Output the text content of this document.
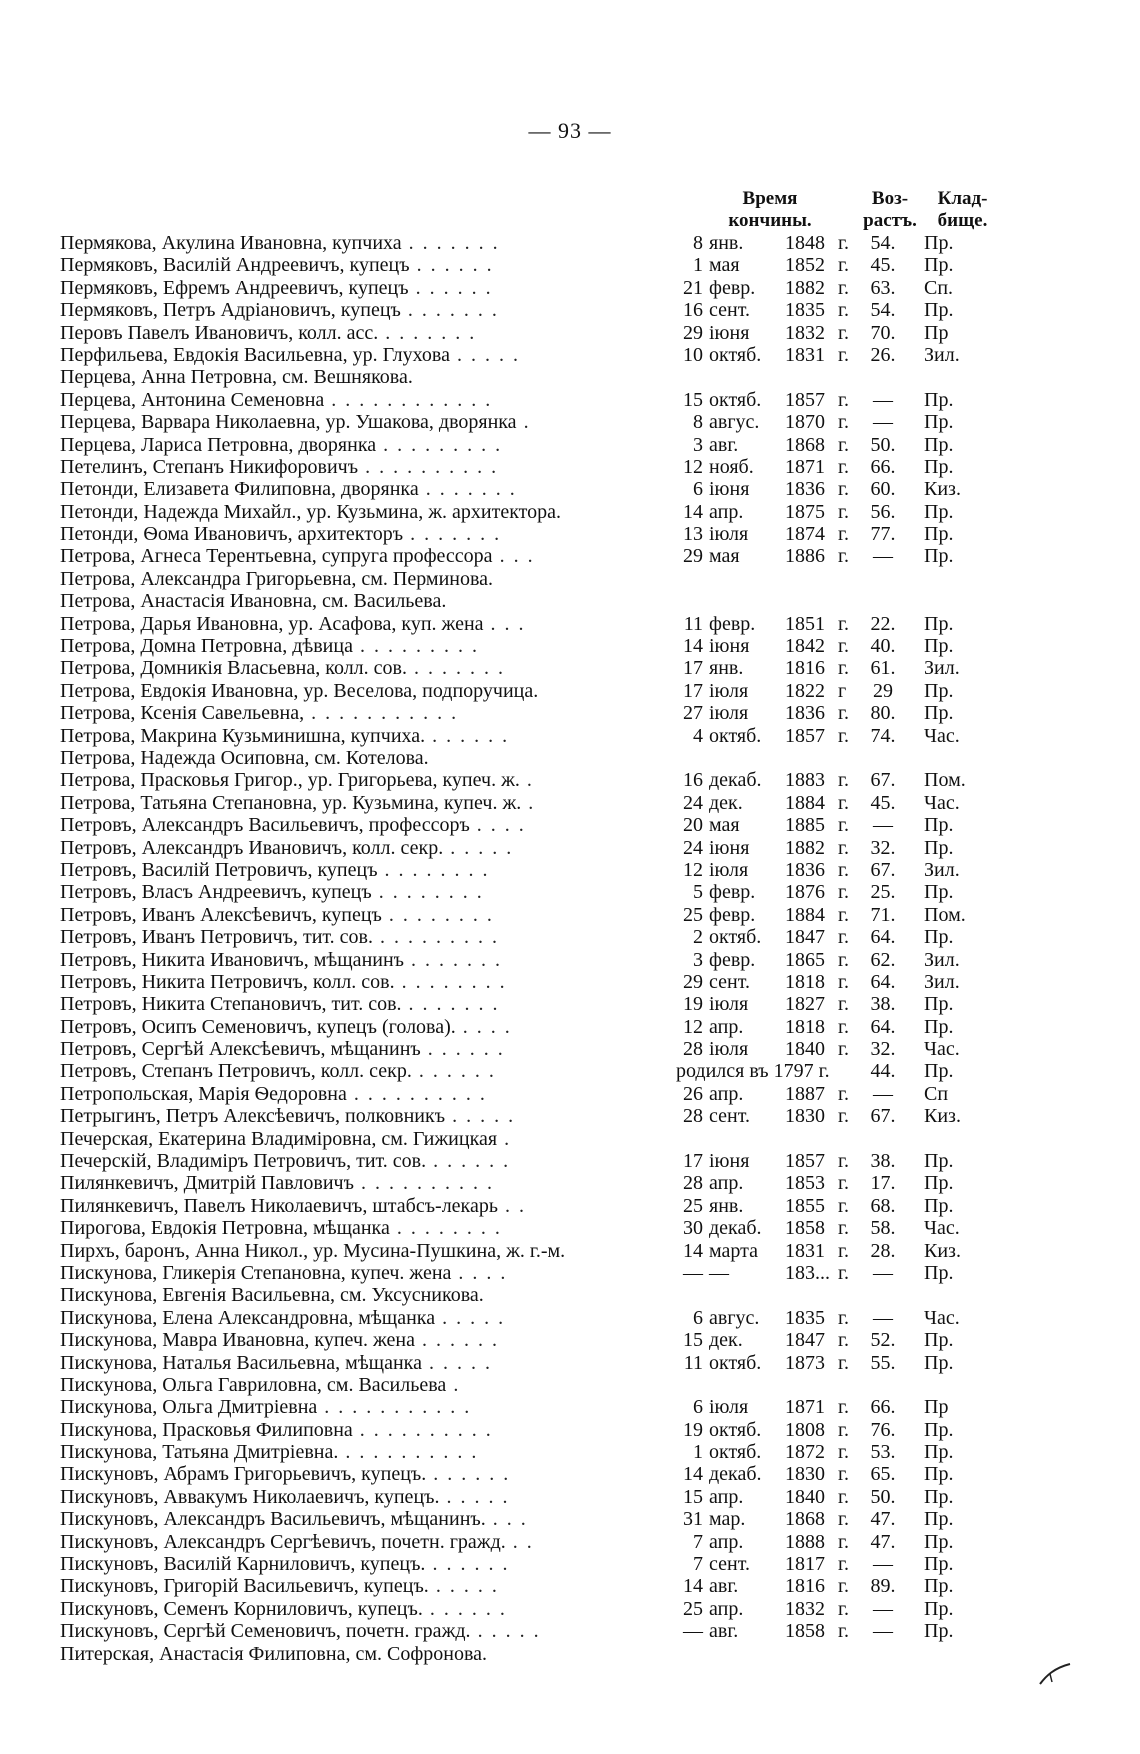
— 93 —
Время
кончины.
Воз-
растъ.
Клад-
бище.
Пермякова, Акулина Ивановна, купчиха . . . . . . .	8 янв.	1848 г.	54.	Пр.
Пермяковъ, Василій Андреевичъ, купецъ . . . . . .	1 мая	1852 г.	45.	Пр.
Пермяковъ, Ефремъ Андреевичъ, купецъ . . . . . .	21 февр.	1882 г.	63.	Сп.
Пермяковъ, Петръ Адріановичъ, купецъ . . . . . . .	16 сент.	1835 г.	54.	Пр.
Перовъ Павелъ Ивановичъ, колл. асс. . . . . . . .	29 іюня	1832 г.	70.	Пр
Перфильева, Евдокія Васильевна, ур. Глухова . . . . .	10 октяб.	1831 г.	26.	Зил.
Перцева, Анна Петровна, см. Вешнякова.
Перцева, Антонина Семеновна . . . . . . . . . . . .	15 октяб.	1857 г.	—	Пр.
Перцева, Варвара Николаевна, ур. Ушакова, дворянка .	8 авгус.	1870 г.	—	Пр.
Перцева, Лариса Петровна, дворянка . . . . . . . . .	3 авг.	1868 г.	50.	Пр.
Петелинъ, Степанъ Никифоровичъ . . . . . . . . . .	12 нояб.	1871 г.	66.	Пр.
Петонди, Елизавета Филиповна, дворянка . . . . . . .	6 іюня	1836 г.	60.	Киз.
Петонди, Надежда Михайл., ур. Кузьмина, ж. архитектора.	14 апр.	1875 г.	56.	Пр.
Петонди, Ѳома Ивановичъ, архитекторъ . . . . . . .	13 іюля	1874 г.	77.	Пр.
Петрова, Агнеса Терентьевна, супруга профессора . . .	29 мая	1886 г.	—	Пр.
Петрова, Александра Григорьевна, см. Перминова.
Петрова, Анастасія Ивановна, см. Васильева.
Петрова, Дарья Ивановна, ур. Асафова, куп. жена . . .	11 февр.	1851 г.	22.	Пр.
Петрова, Домна Петровна, дѣвица . . . . . . . . .	14 іюня	1842 г.	40.	Пр.
Петрова, Домникія Власьевна, колл. сов. . . . . . . .	17 янв.	1816 г.	61.	Зил.
Петрова, Евдокія Ивановна, ур. Веселова, подпоручица.	17 іюля	1822 г	29	Пр.
Петрова, Ксенія Савельевна, . . . . . . . . . . .	27 іюля	1836 г.	80.	Пр.
Петрова, Макрина Кузьминишна, купчиха. . . . . . .	4 октяб.	1857 г.	74.	Час.
Петрова, Надежда Осиповна, см. Котелова.
Петрова, Прасковья Григор., ур. Григорьева, купеч. ж. .	16 декаб.	1883 г.	67.	Пом.
Петрова, Татьяна Степановна, ур. Кузьмина, купеч. ж. .	24 дек.	1884 г.	45.	Час.
Петровъ, Александръ Васильевичъ, профессоръ . . . .	20 мая	1885 г.	—	Пр.
Петровъ, Александръ Ивановичъ, колл. секр. . . . . .	24 іюня	1882 г.	32.	Пр.
Петровъ, Василій Петровичъ, купецъ . . . . . . . .	12 іюля	1836 г.	67.	Зил.
Петровъ, Власъ Андреевичъ, купецъ . . . . . . . .	5 февр.	1876 г.	25.	Пр.
Петровъ, Иванъ Алексѣевичъ, купецъ . . . . . . . .	25 февр.	1884 г.	71.	Пом.
Петровъ, Иванъ Петровичъ, тит. сов. . . . . . . . . .	2 октяб.	1847 г.	64.	Пр.
Петровъ, Никита Ивановичъ, мѣщанинъ . . . . . . .	3 февр.	1865 г.	62.	Зил.
Петровъ, Никита Петровичъ, колл. сов. . . . . . . . .	29 сент.	1818 г.	64.	Зил.
Петровъ, Никита Степановичъ, тит. сов. . . . . . . .	19 іюля	1827 г.	38.	Пр.
Петровъ, Осипъ Семеновичъ, купецъ (голова). . . . .	12 апр.	1818 г.	64.	Пр.
Петровъ, Сергѣй Алексѣевичъ, мѣщанинъ . . . . . .	28 іюля	1840 г.	32.	Час.
Петровъ, Степанъ Петровичъ, колл. секр. . . . . . .	родился въ 1797 г.	44.	Пр.
Петропольская, Марія Ѳедоровна . . . . . . . . . .	26 апр.	1887 г.	—	Сп
Петрыгинъ, Петръ Алексѣевичъ, полковникъ . . . . .	28 сент.	1830 г.	67.	Киз.
Печерская, Екатерина Владиміровна, см. Гижицкая .
Печерскій, Владиміръ Петровичъ, тит. сов. . . . . . .	17 іюня	1857 г.	38.	Пр.
Пилянкевичъ, Дмитрій Павловичъ . . . . . . . . . .	28 апр.	1853 г.	17.	Пр.
Пилянкевичъ, Павелъ Николаевичъ, штабсъ-лекарь . .	25 янв.	1855 г.	68.	Пр.
Пирогова, Евдокія Петровна, мѣщанка . . . . . . . .	30 декаб.	1858 г.	58.	Час.
Пирхъ, баронъ, Анна Никол., ур. Мусина-Пушкина, ж. г.-м.	14 марта	1831 г.	28.	Киз.
Пискунова, Гликерія Степановна, купеч. жена . . . .	— —	183... г.	—	Пр.
Пискунова, Евгенія Васильевна, см. Уксусникова.
Пискунова, Елена Александровна, мѣщанка . . . . .	6 авгус.	1835 г.	—	Час.
Пискунова, Мавра Ивановна, купеч. жена . . . . . .	15 дек.	1847 г.	52.	Пр.
Пискунова, Наталья Васильевна, мѣщанка . . . . .	11 октяб.	1873 г.	55.	Пр.
Пискунова, Ольга Гавриловна, см. Васильева .
Пискунова, Ольга Дмитріевна . . . . . . . . . . .	6 іюля	1871 г.	66.	Пр
Пискунова, Прасковья Филиповна . . . . . . . . . .	19 октяб.	1808 г.	76.	Пр.
Пискунова, Татьяна Дмитріевна. . . . . . . . . . .	1 октяб.	1872 г.	53.	Пр.
Пискуновъ, Абрамъ Григорьевичъ, купецъ. . . . . . .	14 декаб.	1830 г.	65.	Пр.
Пискуновъ, Аввакумъ Николаевичъ, купецъ. . . . . .	15 апр.	1840 г.	50.	Пр.
Пискуновъ, Александръ Васильевичъ, мѣщанинъ. . . .	31 мар.	1868 г.	47.	Пр.
Пискуновъ, Александръ Сергѣевичъ, почетн. гражд. . .	7 апр.	1888 г.	47.	Пр.
Пискуновъ, Василій Карниловичъ, купецъ. . . . . . .	7 сент.	1817 г.	—	Пр.
Пискуновъ, Григорій Васильевичъ, купецъ. . . . . .	14 авг.	1816 г.	89.	Пр.
Пискуновъ, Семенъ Корниловичъ, купецъ. . . . . . .	25 апр.	1832 г.	—	Пр.
Пискуновъ, Сергѣй Семеновичъ, почетн. гражд. . . . . .	— авг.	1858 г.	—	Пр.
Питерская, Анастасія Филиповна, см. Софронова.
